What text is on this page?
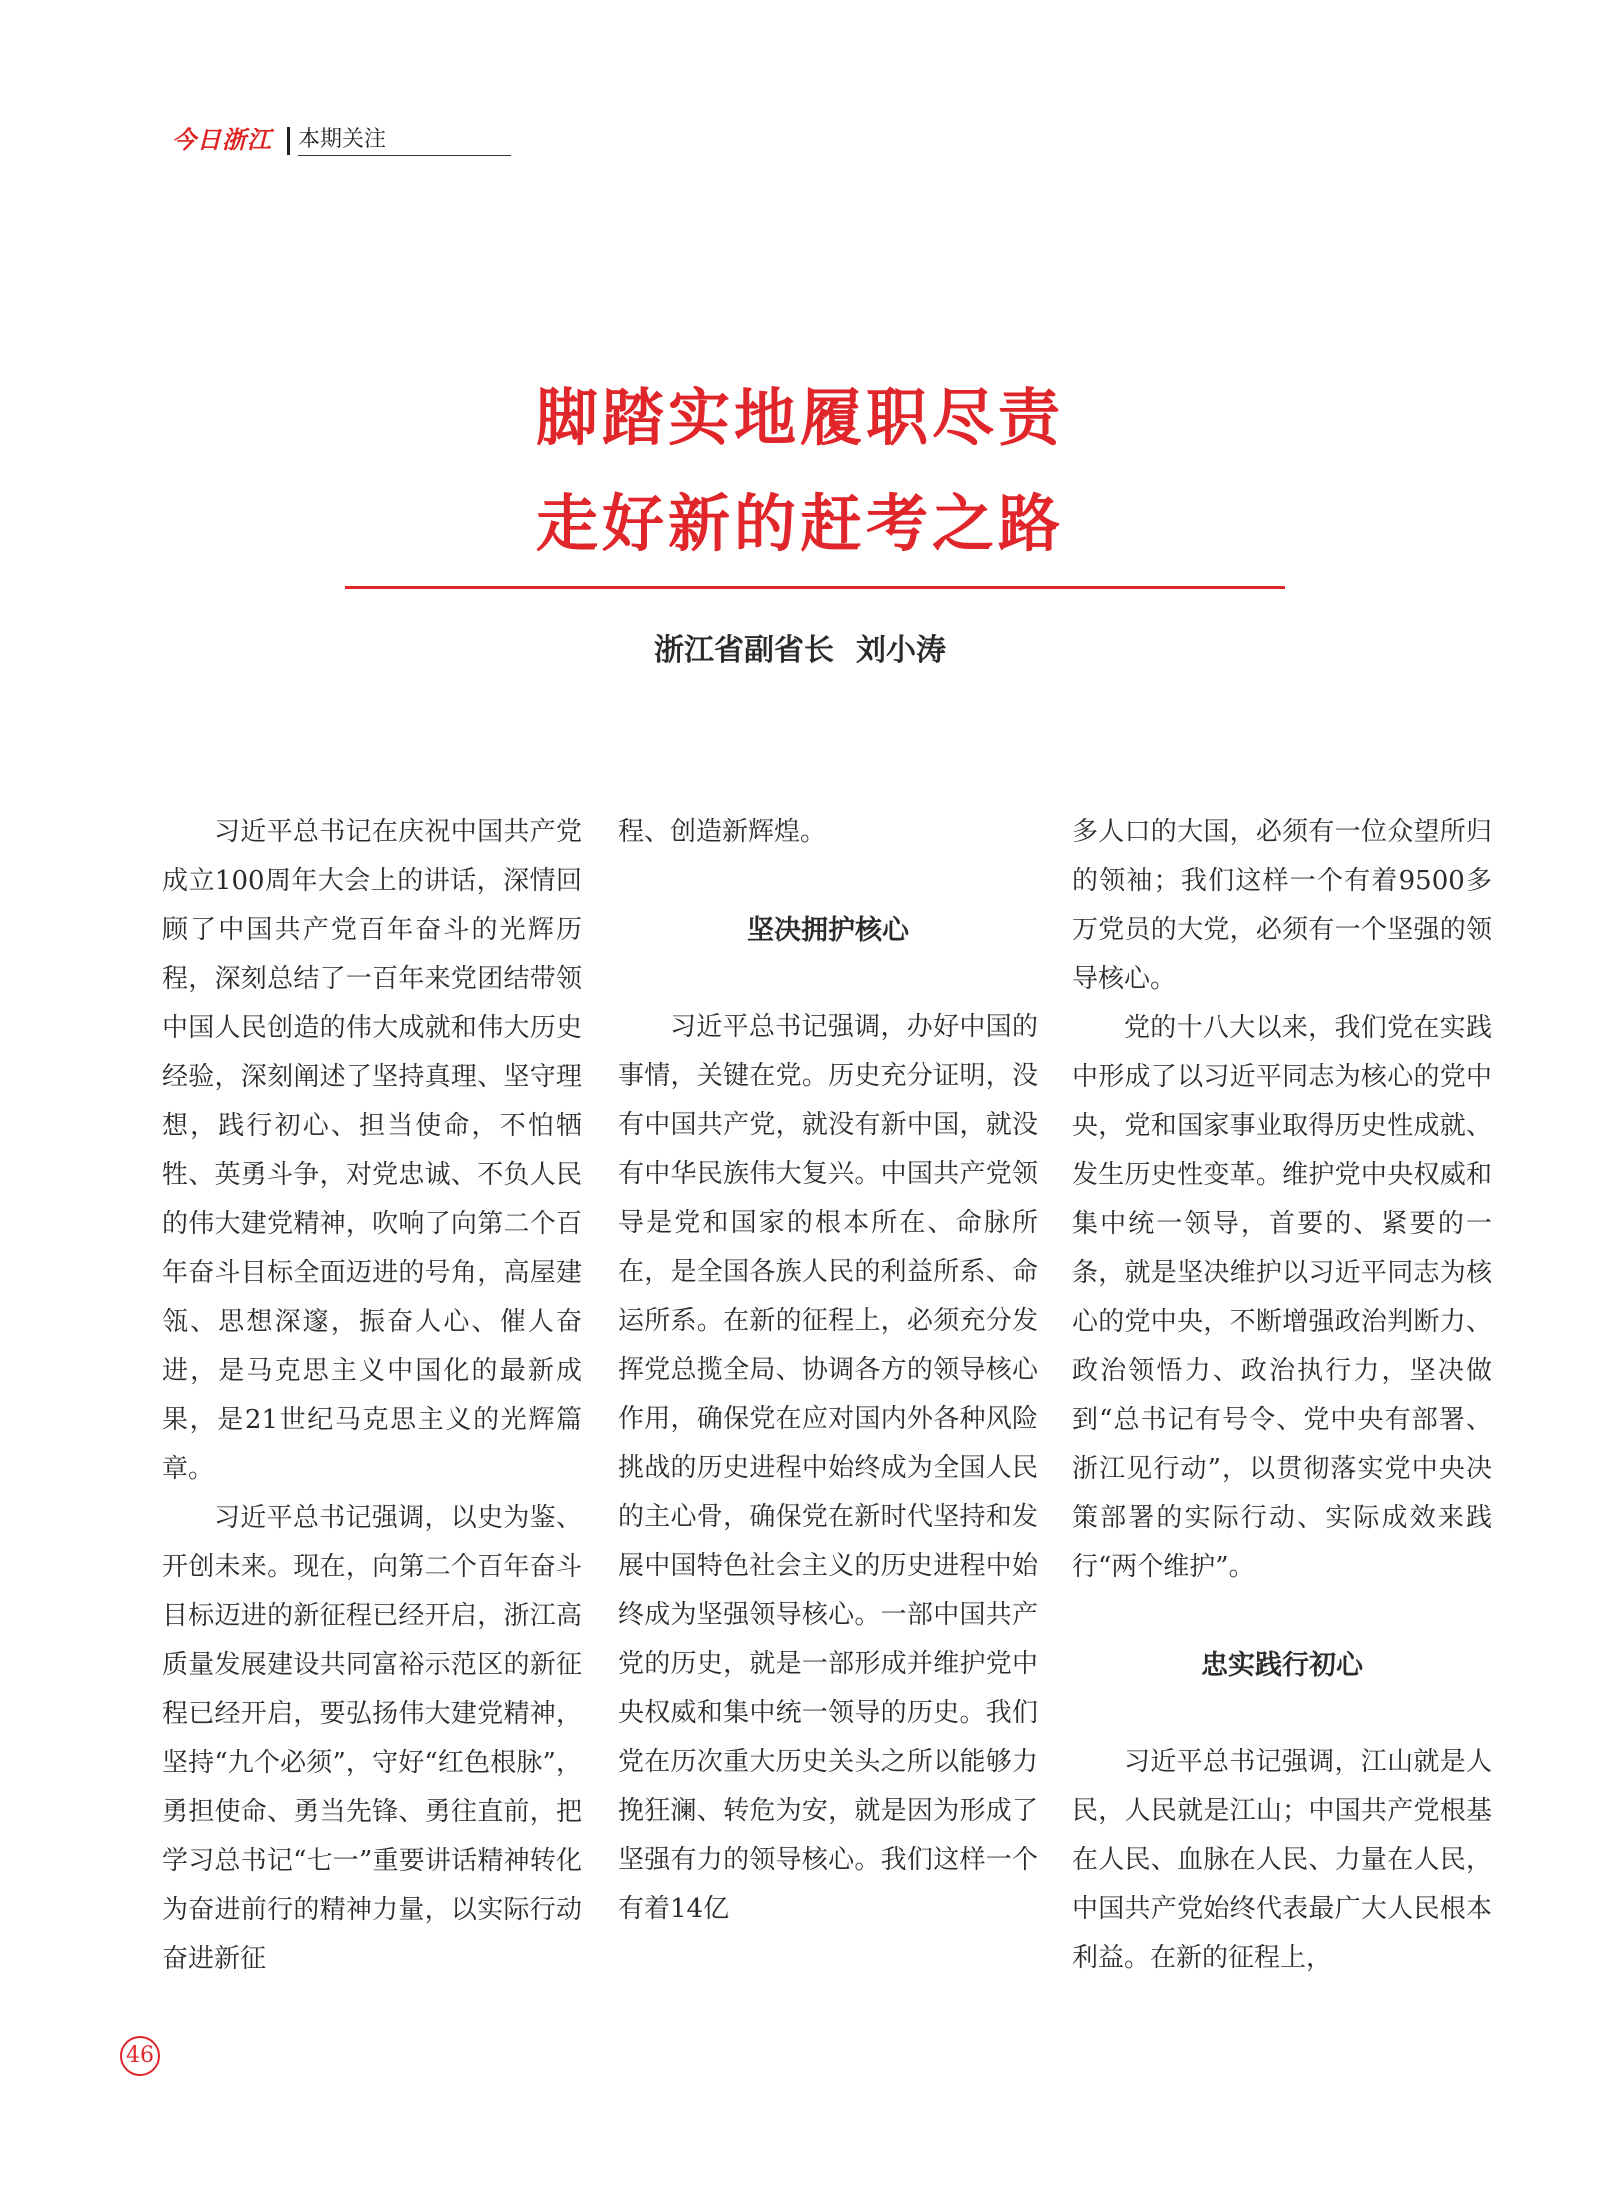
今日浙江 本期关注
脚踏实地履职尽责
走好新的赶考之路
浙江省副省长 刘小涛

习近平总书记在庆祝中国共产党成立100周年大会上的讲话，深情回顾了中国共产党百年奋斗的光辉历程，深刻总结了一百年来党团结带领中国人民创造的伟大成就和伟大历史经验，深刻阐述了坚持真理、坚守理想，践行初心、担当使命，不怕牺牲、英勇斗争，对党忠诚、不负人民的伟大建党精神，吹响了向第二个百年奋斗目标全面迈进的号角，高屋建瓴、思想深邃，振奋人心、催人奋进，是马克思主义中国化的最新成果，是21世纪马克思主义的光辉篇章。

习近平总书记强调，以史为鉴、开创未来。现在，向第二个百年奋斗目标迈进的新征程已经开启，浙江高质量发展建设共同富裕示范区的新征程已经开启，要弘扬伟大建党精神，坚持“九个必须”，守好“红色根脉”，勇担使命、勇当先锋、勇往直前，把学习总书记“七一”重要讲话精神转化为奋进前行的精神力量，以实际行动奋进新征

程、创造新辉煌。

坚决拥护核心

习近平总书记强调，办好中国的事情，关键在党。历史充分证明，没有中国共产党，就没有新中国，就没有中华民族伟大复兴。中国共产党领导是党和国家的根本所在、命脉所在，是全国各族人民的利益所系、命运所系。在新的征程上，必须充分发挥党总揽全局、协调各方的领导核心作用，确保党在应对国内外各种风险挑战的历史进程中始终成为全国人民的主心骨，确保党在新时代坚持和发展中国特色社会主义的历史进程中始终成为坚强领导核心。一部中国共产党的历史，就是一部形成并维护党中央权威和集中统一领导的历史。我们党在历次重大历史关头之所以能够力挽狂澜、转危为安，就是因为形成了坚强有力的领导核心。我们这样一个有着14亿

多人口的大国，必须有一位众望所归的领袖；我们这样一个有着9500多万党员的大党，必须有一个坚强的领导核心。

党的十八大以来，我们党在实践中形成了以习近平同志为核心的党中央，党和国家事业取得历史性成就、发生历史性变革。维护党中央权威和集中统一领导，首要的、紧要的一条，就是坚决维护以习近平同志为核心的党中央，不断增强政治判断力、政治领悟力、政治执行力，坚决做到“总书记有号令、党中央有部署、浙江见行动”，以贯彻落实党中央决策部署的实际行动、实际成效来践行“两个维护”。

忠实践行初心

习近平总书记强调，江山就是人民，人民就是江山；中国共产党根基在人民、血脉在人民、力量在人民，中国共产党始终代表最广大人民根本利益。在新的征程上，

46
